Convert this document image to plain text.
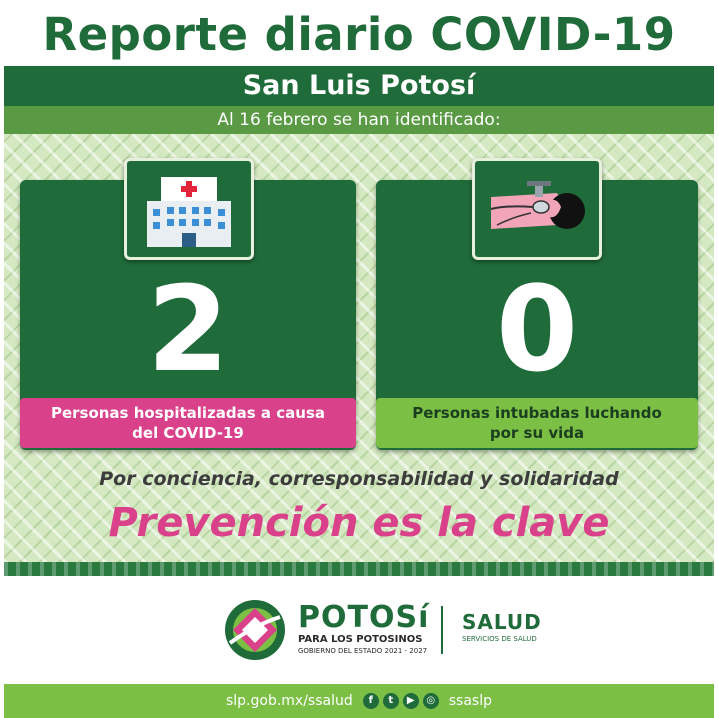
Reporte diario COVID-19
San Luis Potosí
Al 16 febrero se han identificado:
2
Personas hospitalizadas a causa
del COVID-19
0
Personas intubadas luchando
por su vida
Por conciencia, corresponsabilidad y solidaridad
Prevención es la clave
POTOSí
PARA LOS POTOSINOS
GOBIERNO DEL ESTADO 2021 - 2027
SALUD
SERVICIOS DE SALUD
slp.gob.mx/ssalud	f	t	▶	◎ ssaslp
